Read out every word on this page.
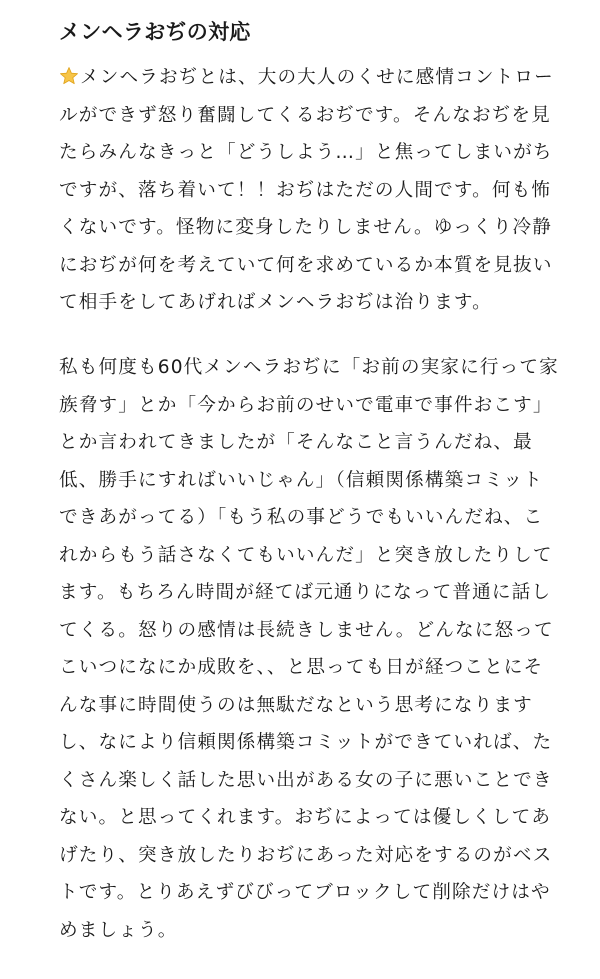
メンヘラおぢの対応
メンヘラおぢとは、大の大人のくせに感情コントロー
ルができず怒り奮闘してくるおぢです。そんなおぢを見
たらみんなきっと「どうしよう…」と焦ってしまいがち
ですが、落ち着いて！！おぢはただの人間です。何も怖
くないです。怪物に変身したりしません。ゆっくり冷静
におぢが何を考えていて何を求めているか本質を見抜い
て相手をしてあげればメンヘラおぢは治ります。
私も何度も60代メンヘラおぢに「お前の実家に行って家
族脅す」とか「今からお前のせいで電車で事件おこす」
とか言われてきましたが「そんなこと言うんだね、最
低、勝手にすればいいじゃん」（信頼関係構築コミット
できあがってる）「もう私の事どうでもいいんだね、こ
れからもう話さなくてもいいんだ」と突き放したりして
ます。もちろん時間が経てば元通りになって普通に話し
てくる。怒りの感情は長続きしません。どんなに怒って
こいつになにか成敗を、、と思っても日が経つことにそ
んな事に時間使うのは無駄だなという思考になります
し、なにより信頼関係構築コミットができていれば、た
くさん楽しく話した思い出がある女の子に悪いことでき
ない。と思ってくれます。おぢによっては優しくしてあ
げたり、突き放したりおぢにあった対応をするのがベス
トです。とりあえずびびってブロックして削除だけはや
めましょう。
